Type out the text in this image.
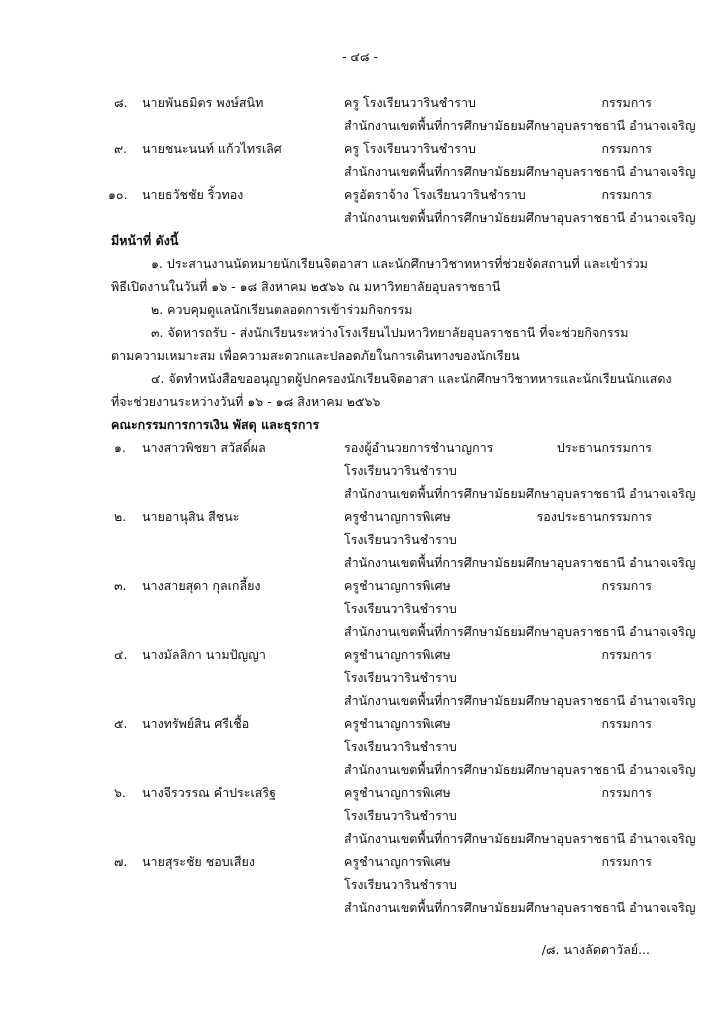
- ๔๘ -
๘. นายพันธมิตร พงษ์สนิท	ครู โรงเรียนวารินชำราบ	กรรมการ
สำนักงานเขตพื้นที่การศึกษามัธยมศึกษาอุบลราชธานี อำนาจเจริญ
๙. นายชนะนนท์ แก้วไทรเลิศ	ครู โรงเรียนวารินชำราบ	กรรมการ
สำนักงานเขตพื้นที่การศึกษามัธยมศึกษาอุบลราชธานี อำนาจเจริญ
๑๐. นายธวัชชัย ริ้วทอง	ครูอัตราจ้าง โรงเรียนวารินชำราบ	กรรมการ
สำนักงานเขตพื้นที่การศึกษามัธยมศึกษาอุบลราชธานี อำนาจเจริญ
มีหน้าที่ ดังนี้
๑. ประสานงานนัดหมายนักเรียนจิตอาสา และนักศึกษาวิชาทหารที่ช่วยจัดสถานที่ และเข้าร่วม
พิธีเปิดงานในวันที่ ๑๖ - ๑๘ สิงหาคม ๒๕๖๖ ณ มหาวิทยาลัยอุบลราชธานี
๒. ควบคุมดูแลนักเรียนตลอดการเข้าร่วมกิจกรรม
๓. จัดหารถรับ - ส่งนักเรียนระหว่างโรงเรียนไปมหาวิทยาลัยอุบลราชธานี ที่จะช่วยกิจกรรม
ตามความเหมาะสม เพื่อความสะดวกและปลอดภัยในการเดินทางของนักเรียน
๔. จัดทำหนังสือขออนุญาตผู้ปกครองนักเรียนจิตอาสา และนักศึกษาวิชาทหารและนักเรียนนักแสดง
ที่จะช่วยงานระหว่างวันที่ ๑๖ - ๑๘ สิงหาคม ๒๕๖๖
คณะกรรมการการเงิน พัสดุ และธุรการ
๑. นางสาวพิชยา สวัสดิ์ผล	รองผู้อำนวยการชำนาญการ	ประธานกรรมการ
โรงเรียนวารินชำราบ
สำนักงานเขตพื้นที่การศึกษามัธยมศึกษาอุบลราชธานี อำนาจเจริญ
๒. นายอานุสิน สีชนะ	ครูชำนาญการพิเศษ	รองประธานกรรมการ
โรงเรียนวารินชำราบ
สำนักงานเขตพื้นที่การศึกษามัธยมศึกษาอุบลราชธานี อำนาจเจริญ
๓. นางสายสุดา กุลเกลี้ยง	ครูชำนาญการพิเศษ	กรรมการ
โรงเรียนวารินชำราบ
สำนักงานเขตพื้นที่การศึกษามัธยมศึกษาอุบลราชธานี อำนาจเจริญ
๔. นางมัลลิกา นามปัญญา	ครูชำนาญการพิเศษ	กรรมการ
โรงเรียนวารินชำราบ
สำนักงานเขตพื้นที่การศึกษามัธยมศึกษาอุบลราชธานี อำนาจเจริญ
๕. นางทรัพย์สิน ศรีเชื้อ	ครูชำนาญการพิเศษ	กรรมการ
โรงเรียนวารินชำราบ
สำนักงานเขตพื้นที่การศึกษามัธยมศึกษาอุบลราชธานี อำนาจเจริญ
๖. นางจีรวรรณ คำประเสริฐ	ครูชำนาญการพิเศษ	กรรมการ
โรงเรียนวารินชำราบ
สำนักงานเขตพื้นที่การศึกษามัธยมศึกษาอุบลราชธานี อำนาจเจริญ
๗. นายสุระชัย ชอบเสียง	ครูชำนาญการพิเศษ	กรรมการ
โรงเรียนวารินชำราบ
สำนักงานเขตพื้นที่การศึกษามัธยมศึกษาอุบลราชธานี อำนาจเจริญ
/๘. นางลัดดาวัลย์...
